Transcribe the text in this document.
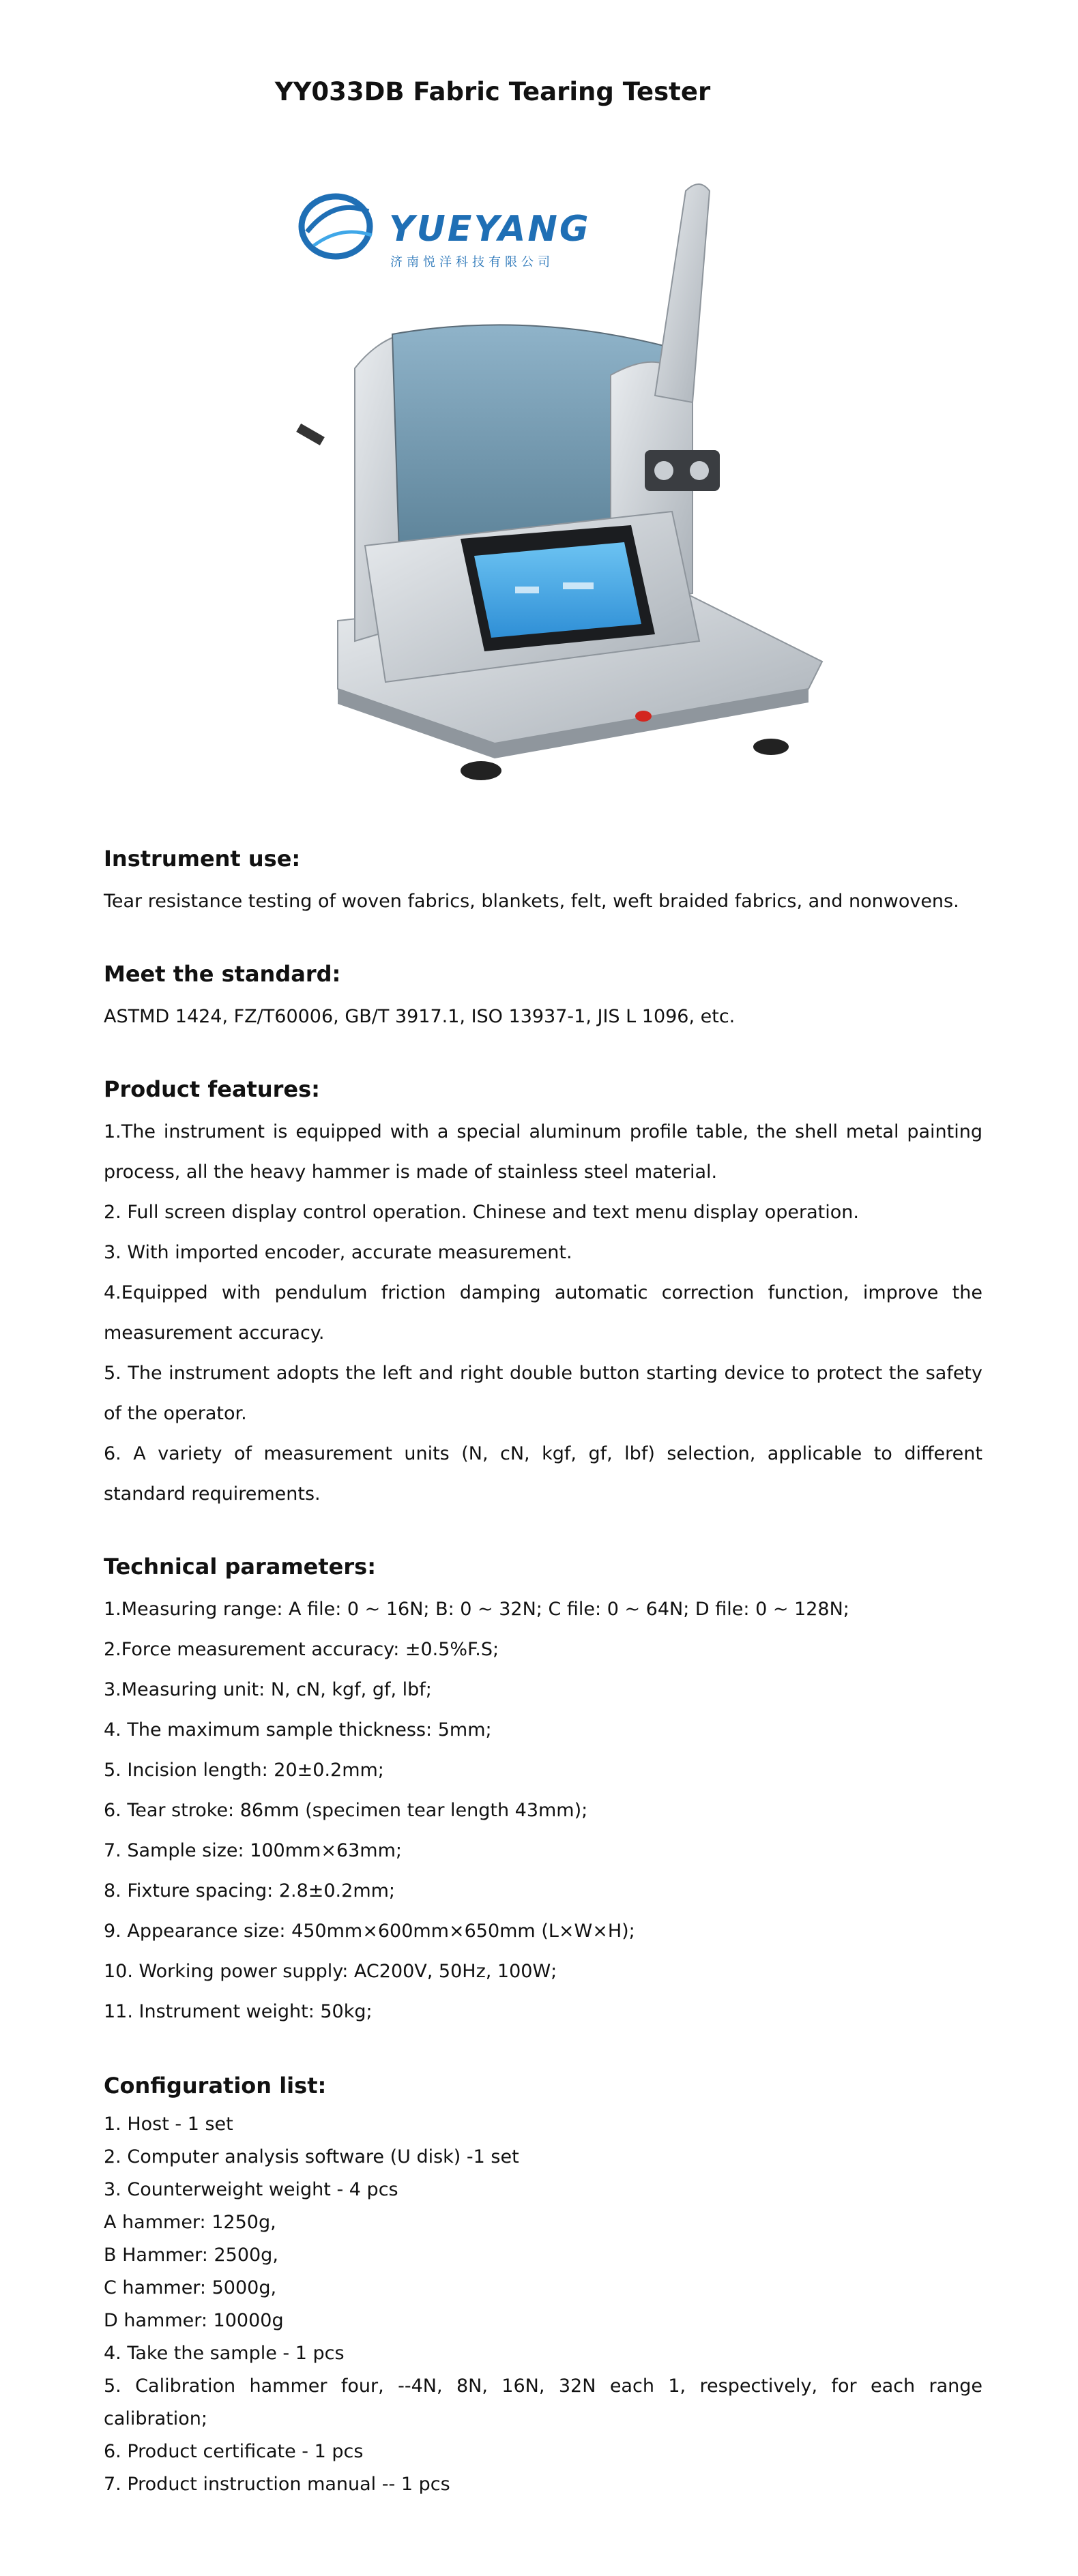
YY033DB Fabric Tearing Tester
YUEYANG
济南悦洋科技有限公司
Instrument use:

Tear resistance testing of woven fabrics, blankets, felt, weft braided fabrics, and nonwovens.

Meet the standard:

ASTMD 1424, FZ/T60006, GB/T 3917.1, ISO 13937-1, JIS L 1096, etc.

Product features:

1.The instrument is equipped with a special aluminum profile table, the shell metal painting process, all the heavy hammer is made of stainless steel material.

2. Full screen display control operation. Chinese and text menu display operation.

3. With imported encoder, accurate measurement.

4.Equipped with pendulum friction damping automatic correction function, improve the measurement accuracy.

5. The instrument adopts the left and right double button starting device to protect the safety of the operator.

6. A variety of measurement units (N, cN, kgf, gf, lbf) selection, applicable to different standard requirements.

Technical parameters:

1.Measuring range: A file: 0 ~ 16N; B: 0 ~ 32N; C file: 0 ~ 64N; D file: 0 ~ 128N;

2.Force measurement accuracy: ±0.5%F.S;

3.Measuring unit: N, cN, kgf, gf, lbf;

4. The maximum sample thickness: 5mm;

5. Incision length: 20±0.2mm;

6. Tear stroke: 86mm (specimen tear length 43mm);

7. Sample size: 100mm×63mm;

8. Fixture spacing: 2.8±0.2mm;

9. Appearance size: 450mm×600mm×650mm (L×W×H);

10. Working power supply: AC200V, 50Hz, 100W;

11. Instrument weight: 50kg;

Configuration list:

1. Host - 1 set

2. Computer analysis software (U disk) -1 set

3. Counterweight weight - 4 pcs

A hammer: 1250g,

B Hammer: 2500g,

C hammer: 5000g,

D hammer: 10000g

4. Take the sample - 1 pcs

5. Calibration hammer four, --4N, 8N, 16N, 32N each 1, respectively, for each range calibration;

6. Product certificate - 1 pcs

7. Product instruction manual -- 1 pcs
